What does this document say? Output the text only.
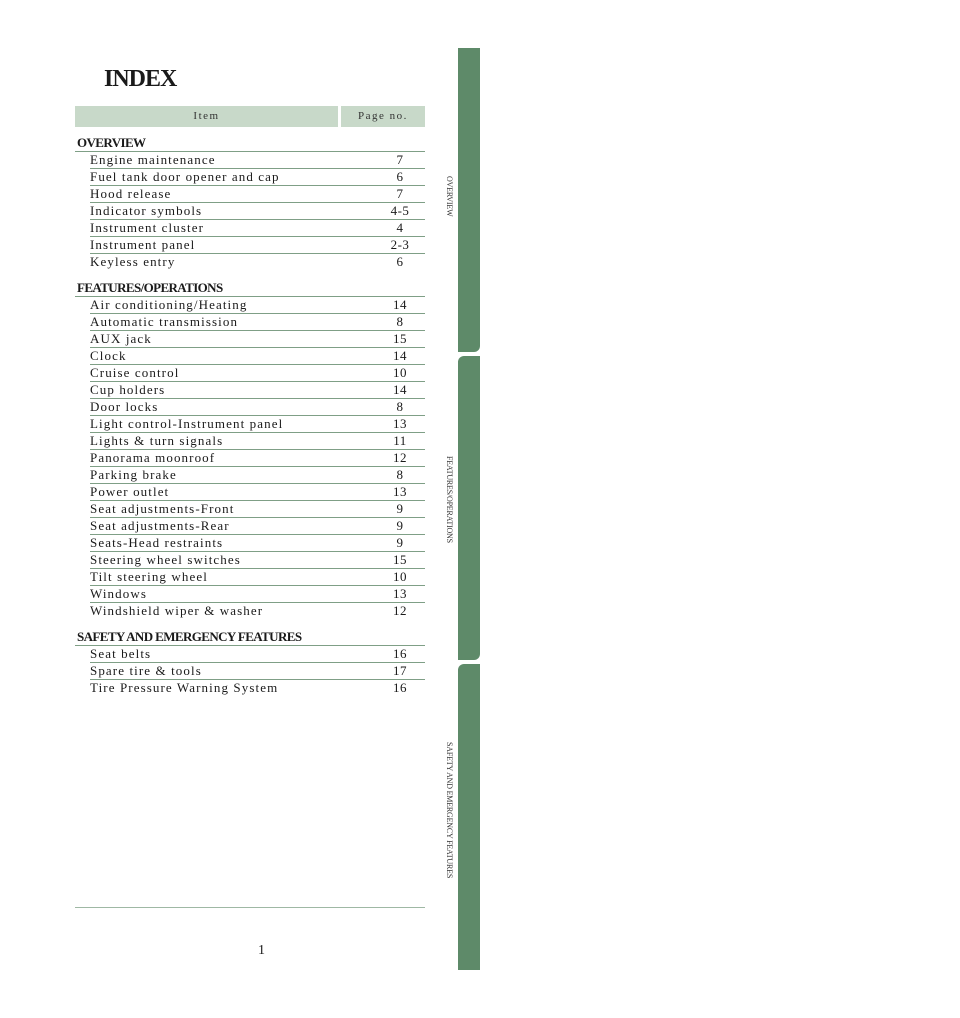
INDEX
Item	Page no.
OVERVIEW
Engine maintenance	7
Fuel tank door opener and cap	6
Hood release	7
Indicator symbols	4-5
Instrument cluster	4
Instrument panel	2-3
Keyless entry	6
FEATURES/OPERATIONS
Air conditioning/Heating	14
Automatic transmission	8
AUX jack	15
Clock	14
Cruise control	10
Cup holders	14
Door locks	8
Light control-Instrument panel	13
Lights & turn signals	11
Panorama moonroof	12
Parking brake	8
Power outlet	13
Seat adjustments-Front	9
Seat adjustments-Rear	9
Seats-Head restraints	9
Steering wheel switches	15
Tilt steering wheel	10
Windows	13
Windshield wiper & washer	12
SAFETY AND EMERGENCY FEATURES
Seat belts	16
Spare tire & tools	17
Tire Pressure Warning System	16
1
OVERVIEW
FEATURES/OPERATIONS
SAFETY AND EMERGENCY FEATURES
